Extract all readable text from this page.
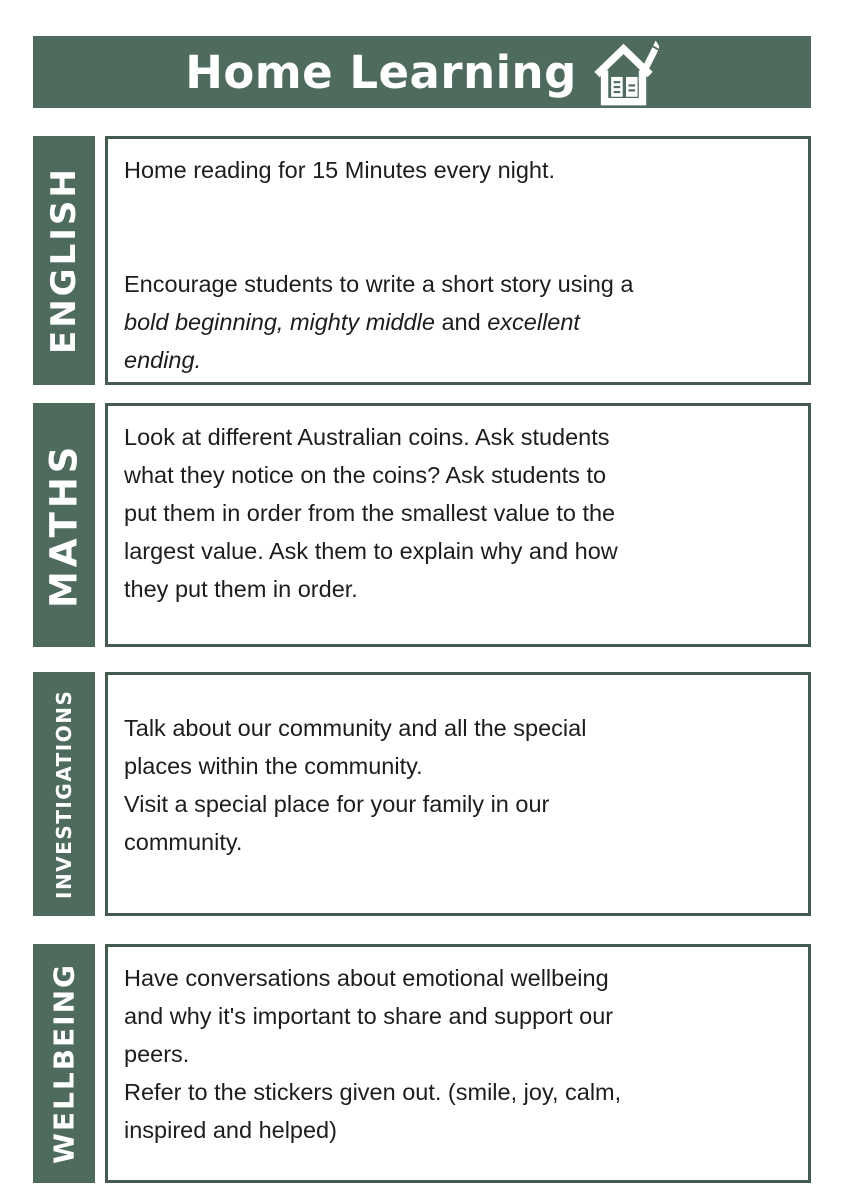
Home Learning
ENGLISH	Home reading for 15 Minutes every night.
Encourage students to write a short story using a
bold beginning, mighty middle and excellent
ending.
MATHS
Look at different Australian coins. Ask students
what they notice on the coins? Ask students to
put them in order from the smallest value to the
largest value. Ask them to explain why and how
they put them in order.
INVESTIGATIONS	Talk about our community and all the special
places within the community.
Visit a special place for your family in our
community.
WELLBEING	Have conversations about emotional wellbeing
and why it's important to share and support our
peers.
Refer to the stickers given out. (smile, joy, calm,
inspired and helped)
